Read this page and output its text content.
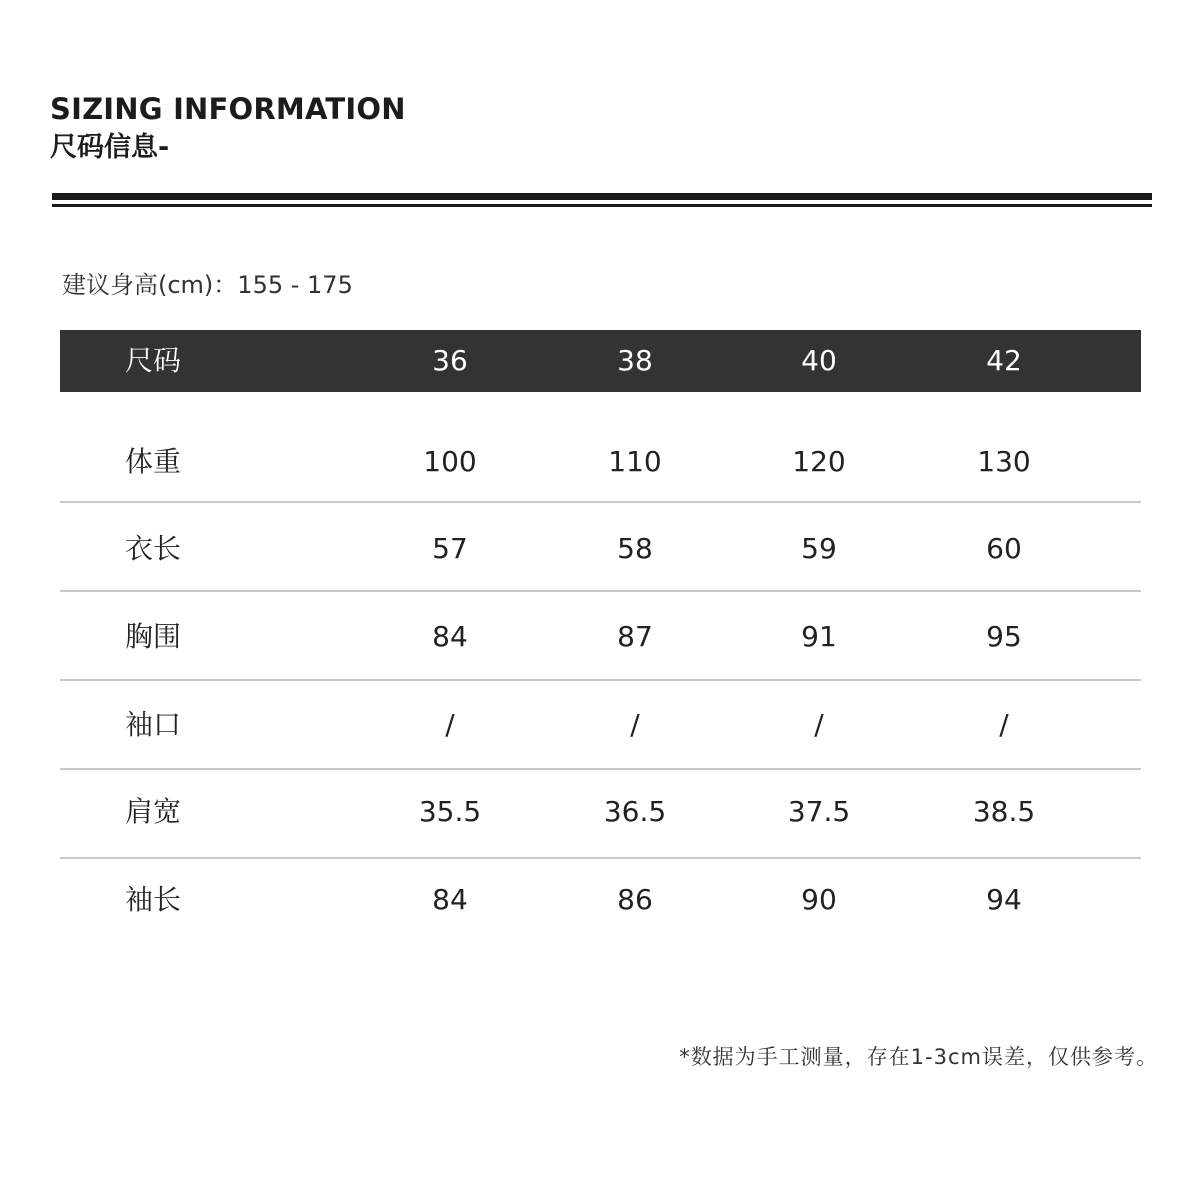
SIZING INFORMATION
尺码信息-
建议身高(cm)：155 - 175
尺码	36	38	40	42
体重	100	110	120	130
衣长	57	58	59	60
胸围	84	87	91	95
袖口	/	/	/	/
肩宽	35.5	36.5	37.5	38.5
袖长	84	86	90	94
*数据为手工测量，存在1-3cm误差，仅供参考。
